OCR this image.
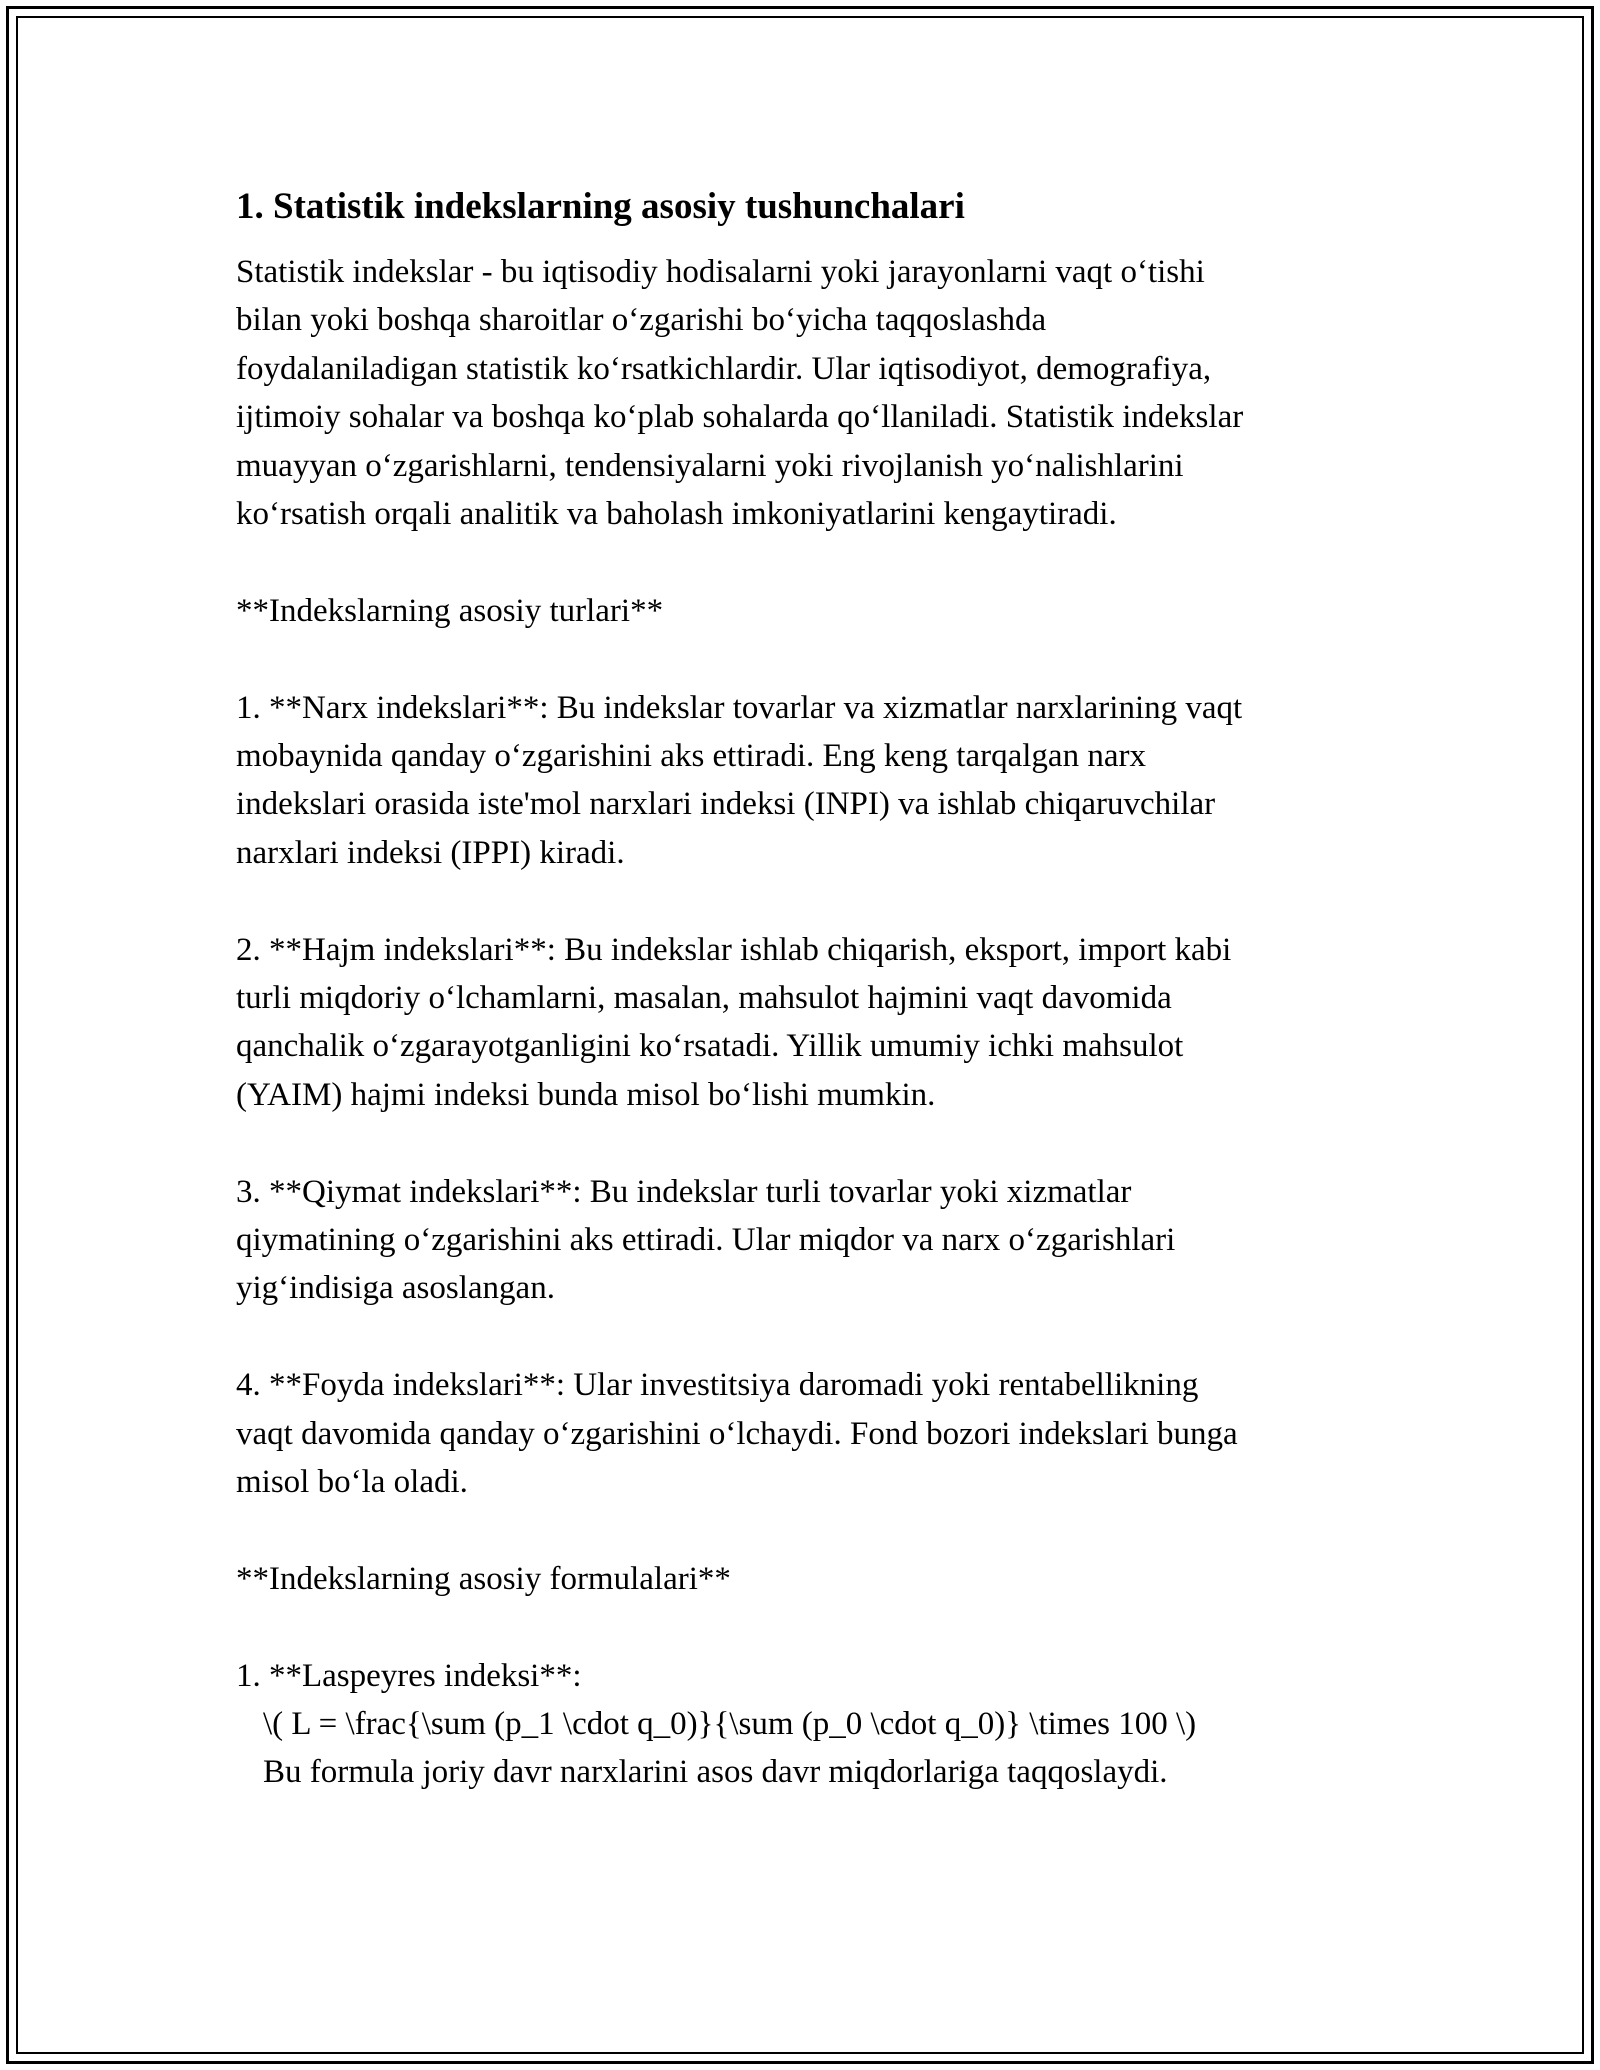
1. Statistik indekslarning asosiy tushunchalari
Statistik indekslar - bu iqtisodiy hodisalarni yoki jarayonlarni vaqt o‘tishi
bilan yoki boshqa sharoitlar o‘zgarishi bo‘yicha taqqoslashda
foydalaniladigan statistik ko‘rsatkichlardir. Ular iqtisodiyot, demografiya,
ijtimoiy sohalar va boshqa ko‘plab sohalarda qo‘llaniladi. Statistik indekslar
muayyan o‘zgarishlarni, tendensiyalarni yoki rivojlanish yo‘nalishlarini
ko‘rsatish orqali analitik va baholash imkoniyatlarini kengaytiradi.
**Indekslarning asosiy turlari**
1. **Narx indekslari**: Bu indekslar tovarlar va xizmatlar narxlarining vaqt
mobaynida qanday o‘zgarishini aks ettiradi. Eng keng tarqalgan narx
indekslari orasida iste'mol narxlari indeksi (INPI) va ishlab chiqaruvchilar
narxlari indeksi (IPPI) kiradi.
2. **Hajm indekslari**: Bu indekslar ishlab chiqarish, eksport, import kabi
turli miqdoriy o‘lchamlarni, masalan, mahsulot hajmini vaqt davomida
qanchalik o‘zgarayotganligini ko‘rsatadi. Yillik umumiy ichki mahsulot
(YAIM) hajmi indeksi bunda misol bo‘lishi mumkin.
3. **Qiymat indekslari**: Bu indekslar turli tovarlar yoki xizmatlar
qiymatining o‘zgarishini aks ettiradi. Ular miqdor va narx o‘zgarishlari
yig‘indisiga asoslangan.
4. **Foyda indekslari**: Ular investitsiya daromadi yoki rentabellikning
vaqt davomida qanday o‘zgarishini o‘lchaydi. Fond bozori indekslari bunga
misol bo‘la oladi.
**Indekslarning asosiy formulalari**
1. **Laspeyres indeksi**:
\( L = \frac{\sum (p_1 \cdot q_0)}{\sum (p_0 \cdot q_0)} \times 100 \)
Bu formula joriy davr narxlarini asos davr miqdorlariga taqqoslaydi.
